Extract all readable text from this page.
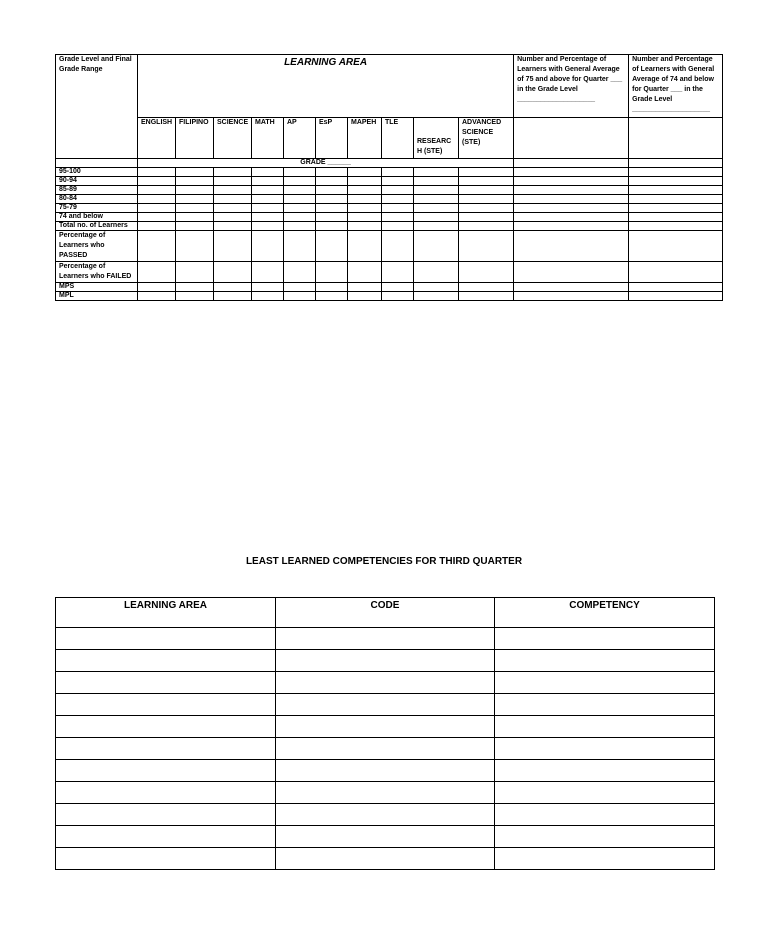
Grade Level and Final Grade Range	LEARNING AREA										Number and Percentage of Learners with General Average of 75 and above for Quarter ___ in the Grade Level ____________________	Number and Percentage of Learners with General Average of 74 and below for Quarter ___ in the Grade Level ____________________
	ENGLISH	FILIPINO	SCIENCE	MATH	AP	EsP	MAPEH	TLE	RESEARC H (STE)	ADVANCED SCIENCE (STE)		
	GRADE ______											
95-100												
90-94												
85-89												
80-84												
75-79												
74 and below												
Total no. of Learners												
Percentage of Learners who PASSED												
Percentage of Learners who FAILED												
MPS												
MPL												
LEAST LEARNED COMPETENCIES FOR THIRD QUARTER
LEARNING AREA	CODE	COMPETENCY
